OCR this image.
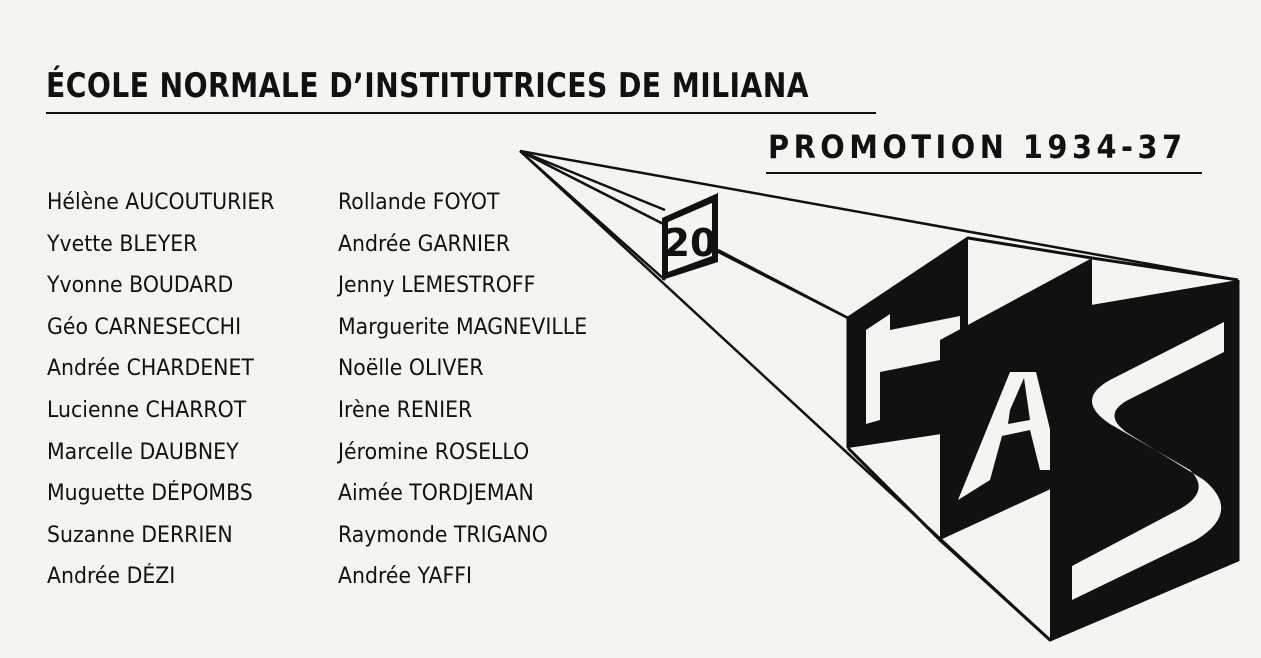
ÉCOLE NORMALE D’INSTITUTRICES DE MILIANA
PROMOTION 1934-37
Hélène AUCOUTURIER
Yvette BLEYER
Yvonne BOUDARD
Géo CARNESECCHI
Andrée CHARDENET
Lucienne CHARROT
Marcelle DAUBNEY
Muguette DÉPOMBS
Suzanne DERRIEN
Andrée DÉZI
Rollande FOYOT
Andrée GARNIER
Jenny LEMESTROFF
Marguerite MAGNEVILLE
Noëlle OLIVER
Irène RENIER
Jéromine ROSELLO
Aimée TORDJEMAN
Raymonde TRIGANO
Andrée YAFFI
20
